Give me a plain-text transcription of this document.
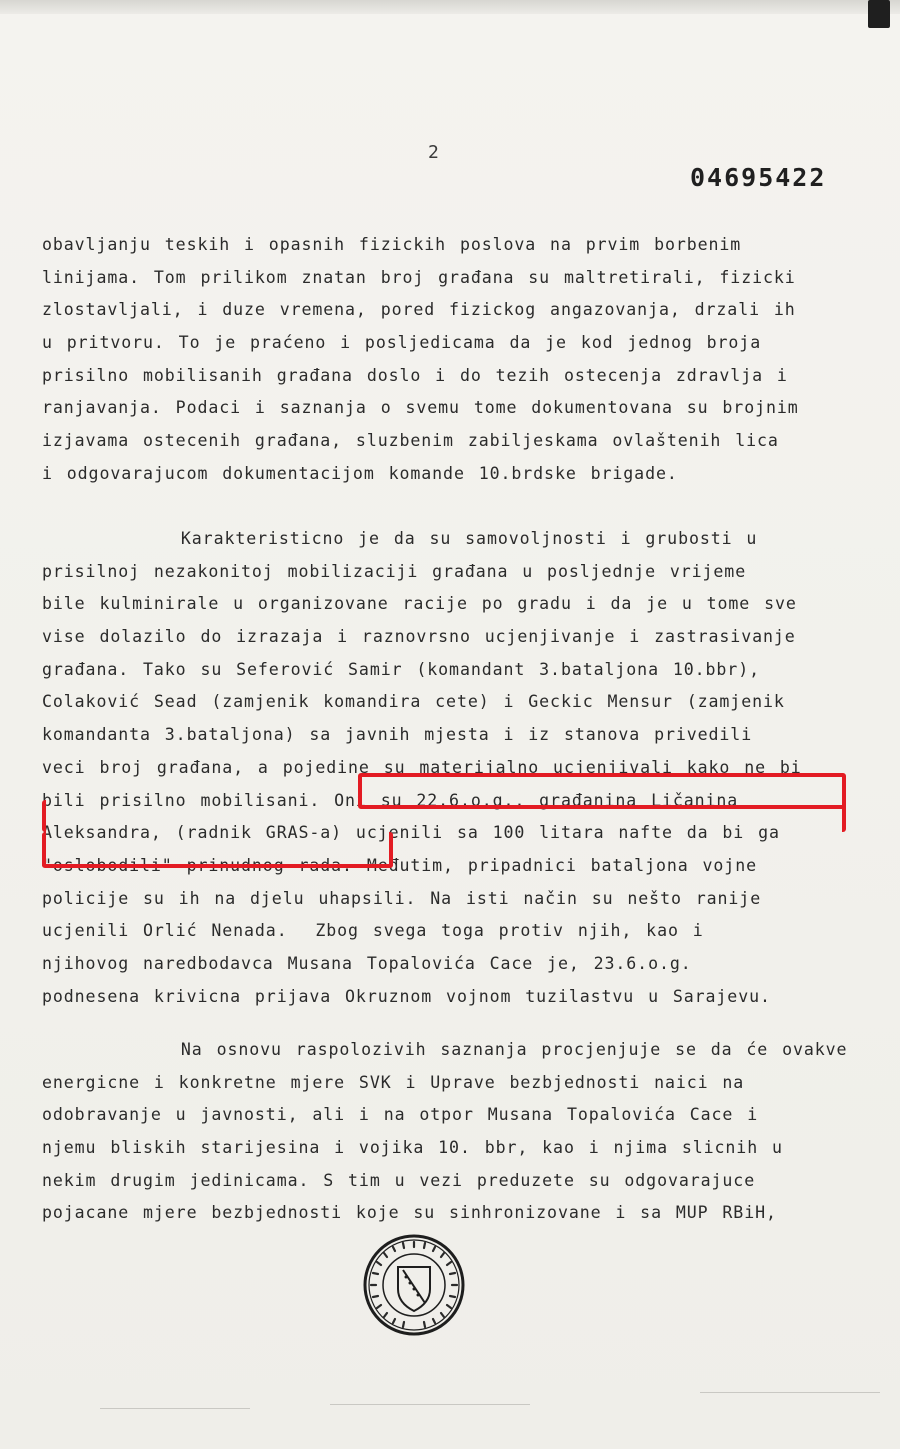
2
04695422
obavljanju teskih i opasnih fizickih poslova na prvim borbenim
linijama. Tom prilikom znatan broj građana su maltretirali, fizicki
zlostavljali, i duze vremena, pored fizickog angazovanja, drzali ih
u pritvoru. To je praćeno i posljedicama da je kod jednog broja
prisilno mobilisanih građana doslo i do tezih ostecenja zdravlja i
ranjavanja. Podaci i saznanja o svemu tome dokumentovana su brojnim
izjavama ostecenih građana, sluzbenim zabiljeskama ovlaštenih lica
i odgovarajucom dokumentacijom komande 10.brdske brigade.
Karakteristicno je da su samovoljnosti i grubosti u
prisilnoj nezakonitoj mobilizaciji građana u posljednje vrijeme
bile kulminirale u organizovane racije po gradu i da je u tome sve
vise dolazilo do izrazaja i raznovrsno ucjenjivanje i zastrasivanje
građana. Tako su Seferović Samir (komandant 3.bataljona 10.bbr),
Colaković Sead (zamjenik komandira cete) i Geckic Mensur (zamjenik
komandanta 3.bataljona) sa javnih mjesta i iz stanova privedili
veci broj građana, a pojedine su materijalno ucjenjivali kako ne bi
bili prisilno mobilisani. Oni su 22.6.o.g., građanina Ličanina
Aleksandra, (radnik GRAS-a) ucjenili sa 100 litara nafte da bi ga
"oslobodili" prinudnog rada. Međutim, pripadnici bataljona vojne
policije su ih na djelu uhapsili. Na isti način su nešto ranije
ucjenili Orlić Nenada.  Zbog svega toga protiv njih, kao i
njihovog naredbodavca Musana Topalovića Cace je, 23.6.o.g.
podnesena krivicna prijava Okruznom vojnom tuzilastvu u Sarajevu.
Na osnovu raspolozivih saznanja procjenjuje se da će ovakve
energicne i konkretne mjere SVK i Uprave bezbjednosti naici na
odobravanje u javnosti, ali i na otpor Musana Topalovića Cace i
njemu bliskih starijesina i vojika 10. bbr, kao i njima slicnih u
nekim drugim jedinicama. S tim u vezi preduzete su odgovarajuce
pojacane mjere bezbjednosti koje su sinhronizovane i sa MUP RBiH,
